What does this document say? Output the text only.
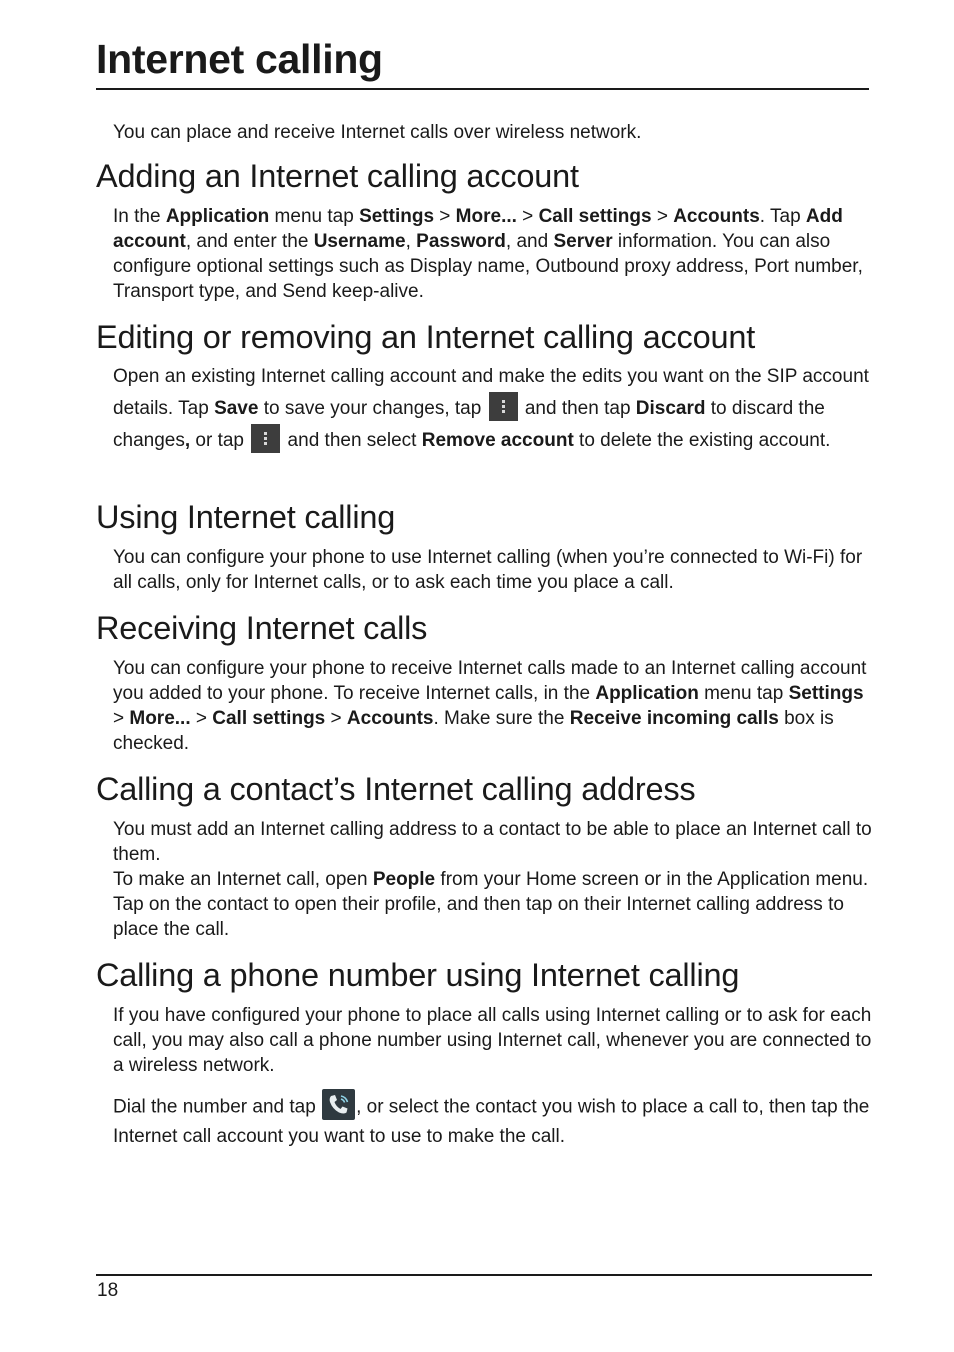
Internet calling

You can place and receive Internet calls over wireless network.

Adding an Internet calling account

In the Application menu tap Settings > More... > Call settings > Accounts. Tap Add account, and enter the Username, Password, and Server information. You can also configure optional settings such as Display name, Outbound proxy address, Port number, Transport type, and Send keep-alive.

Editing or removing an Internet calling account

Open an existing Internet calling account and make the edits you want on the SIP account details. Tap Save to save your changes, tap
and then tap Discard to discard the changes, or tap
and then select Remove account to delete the existing account.

Using Internet calling

You can configure your phone to use Internet calling (when you’re connected to Wi-Fi) for all calls, only for Internet calls, or to ask each time you place a call.

Receiving Internet calls

You can configure your phone to receive Internet calls made to an Internet calling account you added to your phone. To receive Internet calls, in the Application menu tap Settings > More... > Call settings > Accounts. Make sure the Receive incoming calls box is checked.

Calling a contact’s Internet calling address

You must add an Internet calling address to a contact to be able to place an Internet call to them.

To make an Internet call, open People from your Home screen or in the Application menu. Tap on the contact to open their profile, and then tap on their Internet calling address to place the call.

Calling a phone number using Internet calling

If you have configured your phone to place all calls using Internet calling or to ask for each call, you may also call a phone number using Internet call, whenever you are connected to a wireless network.

Dial the number and tap
, or select the contact you wish to place a call to, then tap the Internet call account you want to use to make the call.

18
